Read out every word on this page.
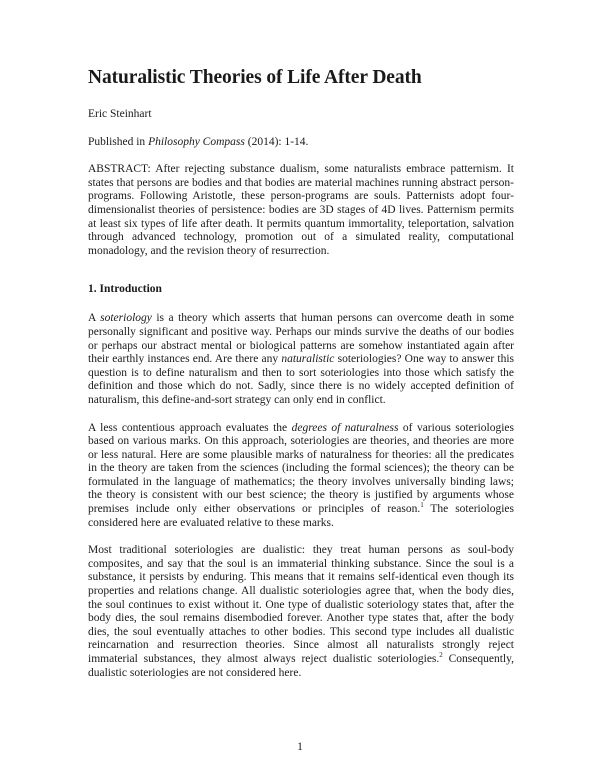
Naturalistic Theories of Life After Death
Eric Steinhart
Published in Philosophy Compass (2014): 1-14.

ABSTRACT: After rejecting substance dualism, some naturalists embrace patternism. It states that persons are bodies and that bodies are material machines running abstract person-programs. Following Aristotle, these person-programs are souls. Patternists adopt four-dimensionalist theories of persistence: bodies are 3D stages of 4D lives. Patternism permits at least six types of life after death. It permits quantum immortality, teleportation, salvation through advanced technology, promotion out of a simulated reality, computational monadology, and the revision theory of resurrection.

1. Introduction

A soteriology is a theory which asserts that human persons can overcome death in some personally significant and positive way. Perhaps our minds survive the deaths of our bodies or perhaps our abstract mental or biological patterns are somehow instantiated again after their earthly instances end. Are there any naturalistic soteriologies? One way to answer this question is to define naturalism and then to sort soteriologies into those which satisfy the definition and those which do not. Sadly, since there is no widely accepted definition of naturalism, this define-and-sort strategy can only end in conflict.

A less contentious approach evaluates the degrees of naturalness of various soteriologies based on various marks. On this approach, soteriologies are theories, and theories are more or less natural. Here are some plausible marks of naturalness for theories: all the predicates in the theory are taken from the sciences (including the formal sciences); the theory can be formulated in the language of mathematics; the theory involves universally binding laws; the theory is consistent with our best science; the theory is justified by arguments whose premises include only either observations or principles of reason.$^1$ The soteriologies considered here are evaluated relative to these marks.

Most traditional soteriologies are dualistic: they treat human persons as soul-body composites, and say that the soul is an immaterial thinking substance. Since the soul is a substance, it persists by enduring. This means that it remains self-identical even though its properties and relations change. All dualistic soteriologies agree that, when the body dies, the soul continues to exist without it. One type of dualistic soteriology states that, after the body dies, the soul remains disembodied forever. Another type states that, after the body dies, the soul eventually attaches to other bodies. This second type includes all dualistic reincarnation and resurrection theories. Since almost all naturalists strongly reject immaterial substances, they almost always reject dualistic soteriologies.$^2$ Consequently, dualistic soteriologies are not considered here.

1
